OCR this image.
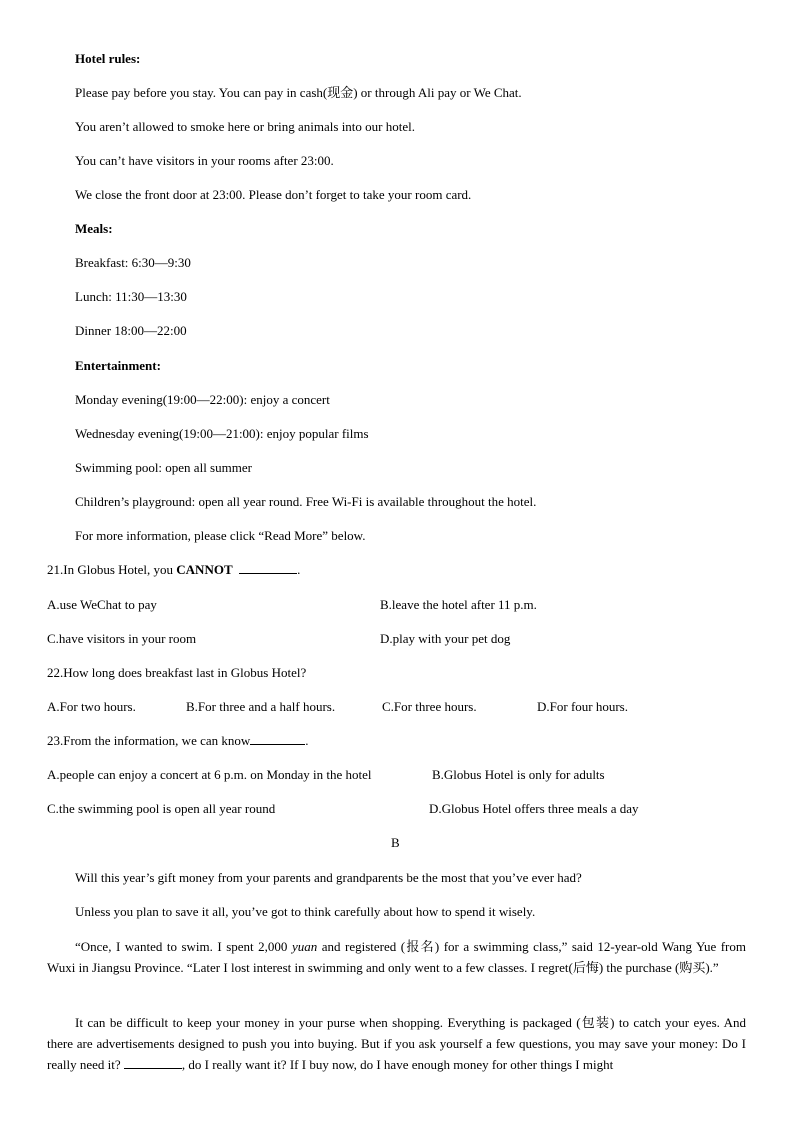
Hotel rules:
Please pay before you stay. You can pay in cash(现金) or through Ali pay or We Chat.
You aren’t allowed to smoke here or bring animals into our hotel.
You can’t have visitors in your rooms after 23:00.
We close the front door at 23:00. Please don’t forget to take your room card.
Meals:
Breakfast: 6:30—9:30
Lunch: 11:30—13:30
Dinner 18:00—22:00
Entertainment:
Monday evening(19:00—22:00): enjoy a concert
Wednesday evening(19:00—21:00): enjoy popular films
Swimming pool: open all summer
Children’s playground: open all year round. Free Wi-Fi is available throughout the hotel.
For more information, please click “Read More” below.
21.In Globus Hotel, you CANNOT	.
A.use WeChat to pay	B.leave the hotel after 11 p.m.
C.have visitors in your room	D.play with your pet dog
22.How long does breakfast last in Globus Hotel?
A.For two hours.	B.For three and a half hours.	C.For three hours.	D.For four hours.
23.From the information, we can know	.
A.people can enjoy a concert at 6 p.m. on Monday in the hotel	B.Globus Hotel is only for adults
C.the swimming pool is open all year round	D.Globus Hotel offers three meals a day
B
Will this year’s gift money from your parents and grandparents be the most that you’ve ever had?
Unless you plan to save it all, you’ve got to think carefully about how to spend it wisely.
“Once, I wanted to swim. I spent 2,000 yuan and registered (报名) for a swimming class,” said 12-year-old Wang Yue from Wuxi in Jiangsu Province. “Later I lost interest in swimming and only went to a few classes. I regret(后悔) the purchase (购买).”
It can be difficult to keep your money in your purse when shopping. Everything is packaged (包装) to catch your eyes. And there are advertisements designed to push you into buying. But if you ask yourself a few questions, you may save your money: Do I really need it?	, do I really want it? If I buy now, do I have enough money for other things I might
